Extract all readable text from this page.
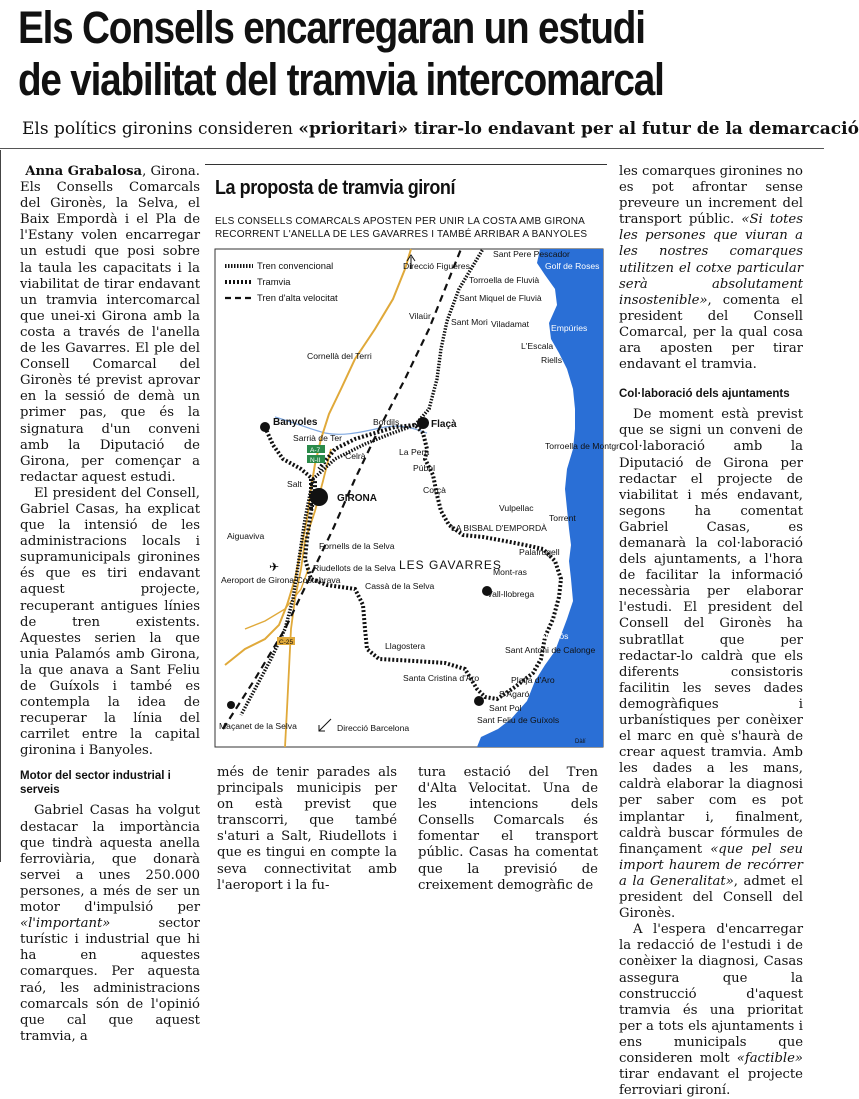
Els Consells encarregaran un estudi
de viabilitat del tramvia intercomarcal
Els polítics gironins consideren «prioritari» tirar-lo endavant per al futur de la demarcació

Anna Grabalosa, Girona.

Els Consells Comarcals del Gironès, la Selva, el Baix Empordà i el Pla de l'Estany volen encarregar un estudi que posi sobre la taula les capacitats i la viabilitat de tirar endavant un tramvia intercomarcal que unei-xi Girona amb la costa a través de l'anella de les Gavarres. El ple del Consell Comarcal del Gironès té previst aprovar en la sessió de demà un primer pas, que és la signatura d'un conveni amb la Diputació de Girona, per començar a redactar aquest estudi.

El president del Consell, Gabriel Casas, ha explicat que la intensió de les administracions locals i supramunicipals gironines és que es tiri endavant aquest projecte, recuperant antigues línies de tren existents. Aquestes serien la que unia Palamós amb Girona, la que anava a Sant Feliu de Guíxols i també es contempla la idea de recuperar la línia del carrilet entre la capital gironina i Banyoles.

Motor del sector industrial i serveis

Gabriel Casas ha volgut destacar la importància que tindrà aquesta anella ferroviària, que donarà servei a unes 250.000 persones, a més de ser un motor d'impulsió per «l'important» sector turístic i industrial que hi ha en aquestes comarques. Per aquesta raó, les administracions comarcals són de l'opinió que cal que aquest tramvia, a

més de tenir parades als principals municipis per on està previst que transcorri, que també s'aturi a Salt, Riudellots i que es tingui en compte la seva connectivitat amb l'aeroport i la fu-

tura estació del Tren d'Alta Velocitat. Una de les intencions dels Consells Comarcals és fomentar el transport públic. Casas ha comentat que la previsió de creixement demogràfic de

les comarques gironines no es pot afrontar sense preveure un increment del transport públic. «Si totes les persones que viuran a les nostres comarques utilitzen el cotxe particular serà absolutament insostenible», comenta el president del Consell Comarcal, per la qual cosa ara aposten per tirar endavant el tramvia.

Col·laboració dels ajuntaments

De moment està previst que se signi un conveni de col·laboració amb la Diputació de Girona per redactar el projecte de viabilitat i més endavant, segons ha comentat Gabriel Casas, es demanarà la col·laboració dels ajuntaments, a l'hora de facilitar la informació necessària per elaborar l'estudi. El president del Consell del Gironès ha subratllat que per redactar-lo caldrà que els diferents consistoris facilitin les seves dades demogràfiques i urbanístiques per conèixer el marc en què s'haurà de crear aquest tramvia. Amb les dades a les mans, caldrà elaborar la diagnosi per saber com es pot implantar i, finalment, caldrà buscar fórmules de finançament «que pel seu import haurem de recórrer a la Generalitat», admet el president del Consell del Gironès.

A l'espera d'encarregar la redacció de l'estudi i de conèixer la diagnosi, Casas assegura que la construcció d'aquest tramvia és una prioritat per a tots els ajuntaments i ens municipals que consideren molt «factible» tirar endavant el projecte ferroviari gironí.

La proposta de tramvia gironí
ELS CONSELLS COMARCALS APOSTEN PER UNIR LA COSTA AMB GIRONA
RECORRENT L'ANELLA DE LES GAVARRES I TAMBÉ ARRIBAR A BANYOLES
Tren convencional
Tramvia
Tren d'alta velocitat
Direcció Figueres
Sant Pere Pescador
Golf de Roses
Torroella de Fluvià
Sant Miquel de Fluvià
Vilaür
Sant Mori Viladamat	Empúries
L'Escala
Riells
Banyoles
Cornellà del Terri
Bordils	Flaçà
Sarrià de Ter
Celrà	La Pera
Púbol
Torroella de Montgrí
Salt
GIRONA
Corçà
Vulpellac
Torrent
LA BISBAL D'EMPORDÀ
Aiguaviva
Fornells de la Selva
Riudellots de la Selva LES GAVARRES
Palafrugell
Mont-ras
Aeroport de Girona Costabrava
Cassà de la Selva
Vall-llobrega
Palamós
Llagostera	Sant Antoni de Calonge
Platja d'Aro
Santa Cristina d'Aro
S'Agaró
Sant Pol
Sant Feliu de Guíxols
Maçanet de la Selva	Direcció Barcelona
Dàlí
A-7
N-II
C-25
✈
